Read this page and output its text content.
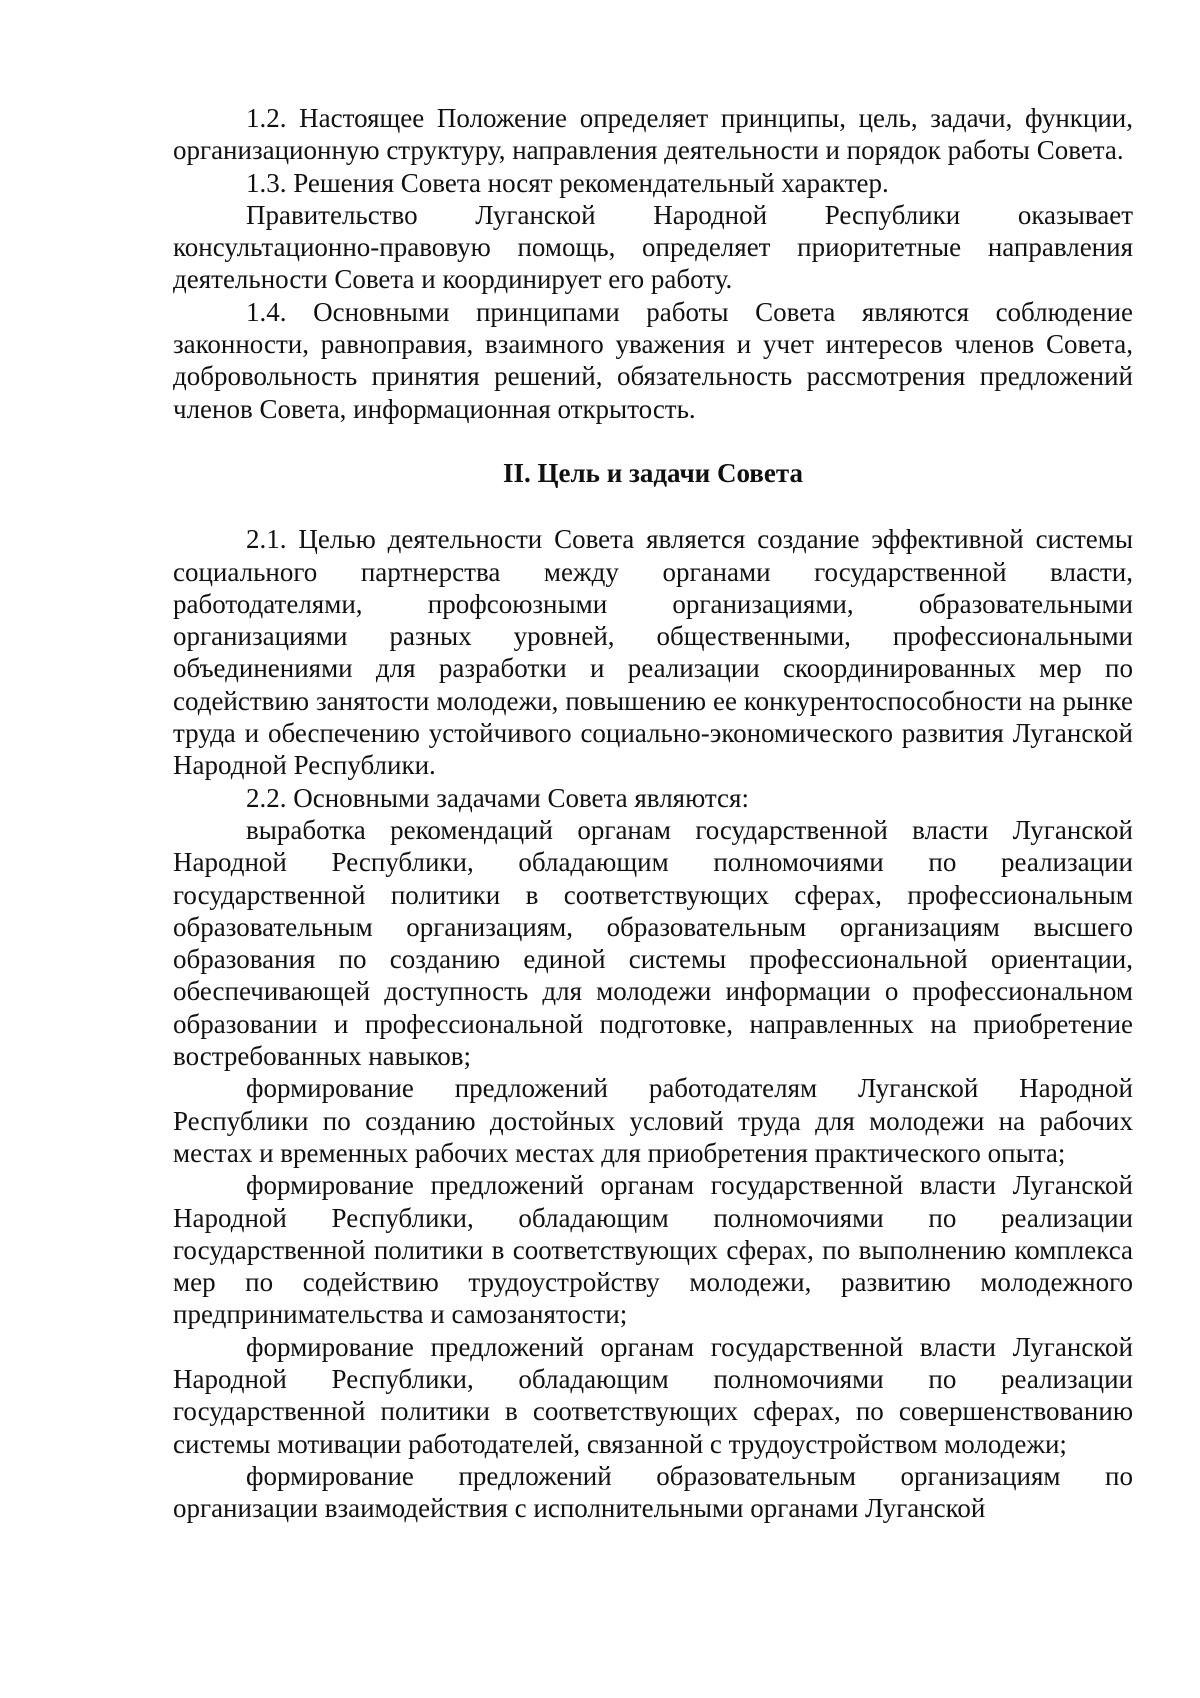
1.2. Настоящее Положение определяет принципы, цель, задачи, функции, организационную структуру, направления деятельности и порядок работы Совета.

1.3. Решения Совета носят рекомендательный характер.

Правительство Луганской Народной Республики оказывает консультационно-правовую помощь, определяет приоритетные направления деятельности Совета и координирует его работу.

1.4. Основными принципами работы Совета являются соблюдение законности, равноправия, взаимного уважения и учет интересов членов Совета, добровольность принятия решений, обязательность рассмотрения предложений членов Совета, информационная открытость.

II. Цель и задачи Совета

2.1. Целью деятельности Совета является создание эффективной системы социального партнерства между органами государственной власти, работодателями, профсоюзными организациями, образовательными организациями разных уровней, общественными, профессиональными объединениями для разработки и реализации скоординированных мер по содействию занятости молодежи, повышению ее конкурентоспособности на рынке труда и обеспечению устойчивого социально-экономического развития Луганской Народной Республики.

2.2. Основными задачами Совета являются:

выработка рекомендаций органам государственной власти Луганской Народной Республики, обладающим полномочиями по реализации государственной политики в соответствующих сферах, профессиональным образовательным организациям, образовательным организациям высшего образования по созданию единой системы профессиональной ориентации, обеспечивающей доступность для молодежи информации о профессиональном образовании и профессиональной подготовке, направленных на приобретение востребованных навыков;

формирование предложений работодателям Луганской Народной Республики по созданию достойных условий труда для молодежи на рабочих местах и временных рабочих местах для приобретения практического опыта;

формирование предложений органам государственной власти Луганской Народной Республики, обладающим полномочиями по реализации государственной политики в соответствующих сферах, по выполнению комплекса мер по содействию трудоустройству молодежи, развитию молодежного предпринимательства и самозанятости;

формирование предложений органам государственной власти Луганской Народной Республики, обладающим полномочиями по реализации государственной политики в соответствующих сферах, по совершенствованию системы мотивации работодателей, связанной с трудоустройством молодежи;

формирование предложений образовательным организациям по организации взаимодействия с исполнительными органами Луганской
